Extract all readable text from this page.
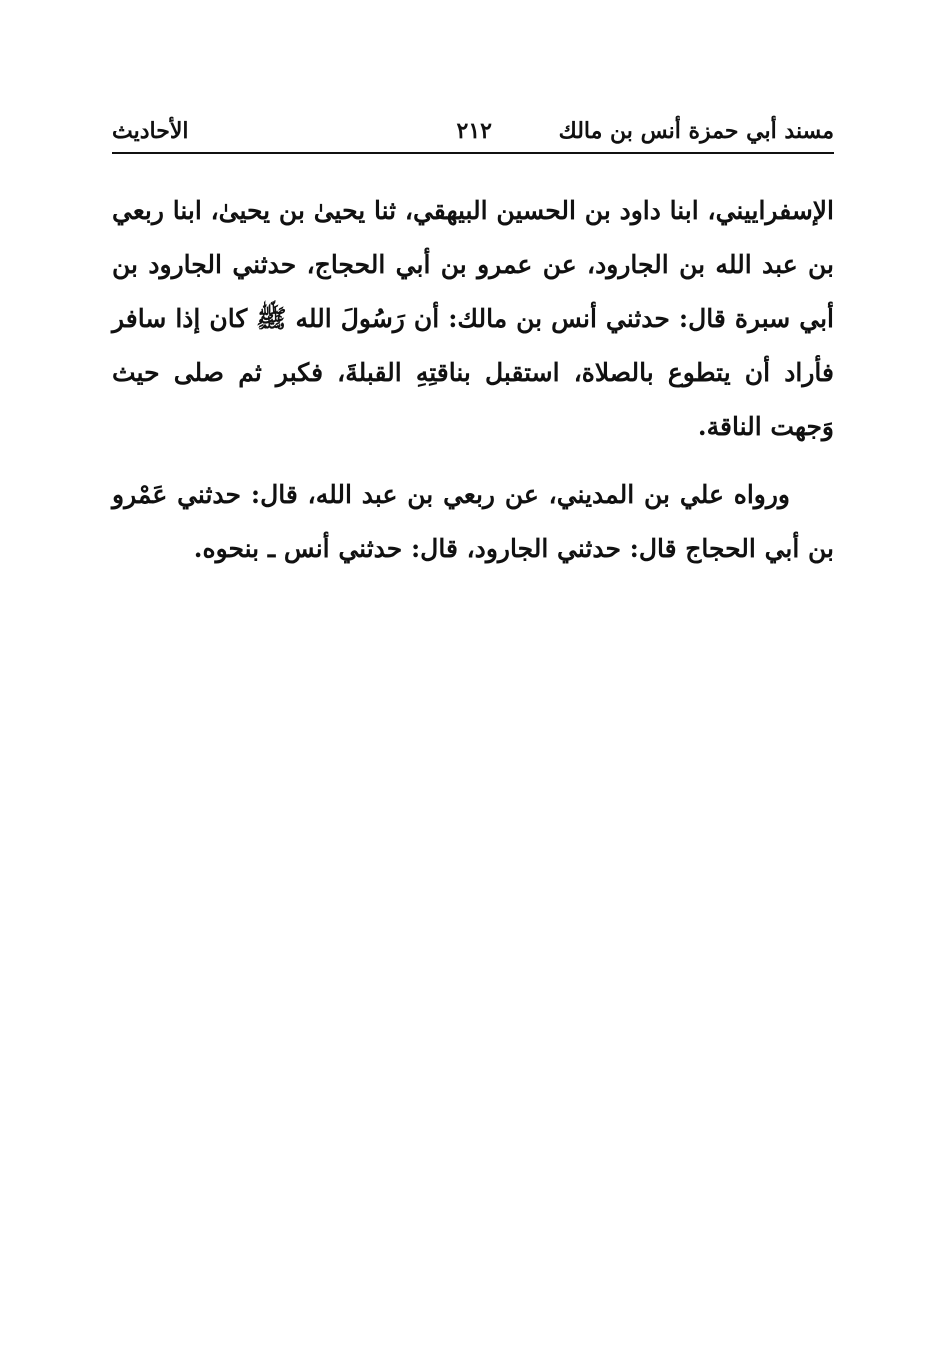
مسند أبي حمزة أنس بن مالك
٢١٢
الأحاديث

الإسفراييني، ابنا داود بن الحسين البيهقي، ثنا يحيىٰ بن يحيىٰ، ابنا ربعي بن عبد الله بن الجارود، عن عمرو بن أبي الحجاج، حدثني الجارود بن أبي سبرة قال: حدثني أنس بن مالك: أن رَسُولَ الله ﷺ كان إذا سافر فأراد أن يتطوع بالصلاة، استقبل بناقتِهِ القبلةَ، فكبر ثم صلى حيث وَجهت الناقة.

ورواه علي بن المديني، عن ربعي بن عبد الله، قال: حدثني عَمْرو بن أبي الحجاج قال: حدثني الجارود، قال: حدثني أنس ـ بنحوه.
